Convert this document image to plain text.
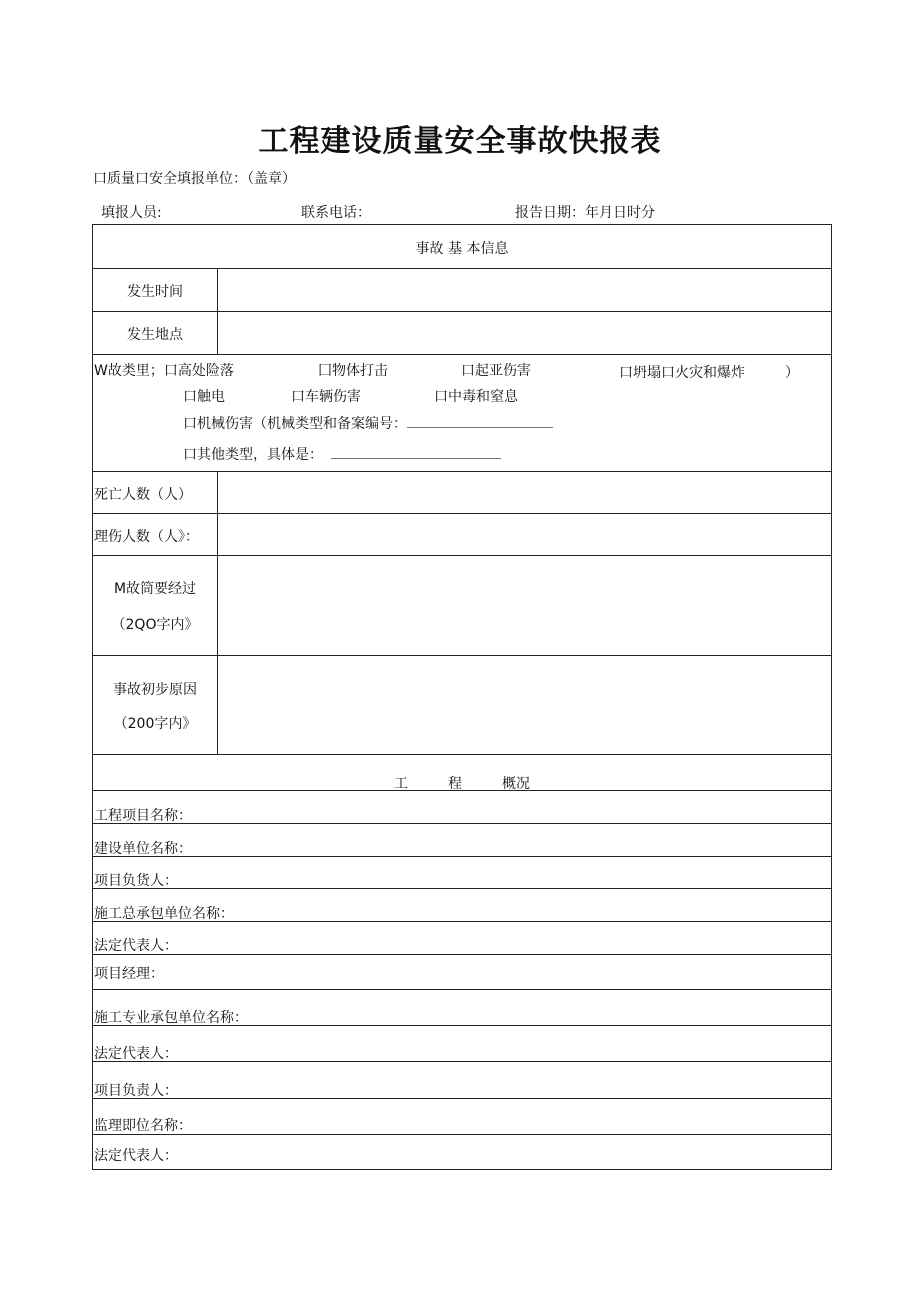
工程建设质量安全事故快报表
口质量口安全填报单位：（盖章）
填报人员:	联系电话：	报告日期：年月日时分
事故 基 本信息
发生时间
发生地点
W故类里；口高处险落	囗物体打击	口起亚伤害	口坍塌口火灾和爆炸	）
口触电	口车辆伤害	口中毒和窒息
口机械伤害（机械类型和备案编号：
口其他类型，具体是：
死亡人数（人）
理伤人数（人》：
M故筒要经过
（2QO字内》
事故初步原因
（200字内》
工         程         概况
工程项目名称：
建设单位名称：
项目负货人：
施工总承包单位名称：
法定代表人：
项目经理：
施工专业承包单位名称：
法定代表人：
项目负责人：
监理即位名称：
法定代表人：
